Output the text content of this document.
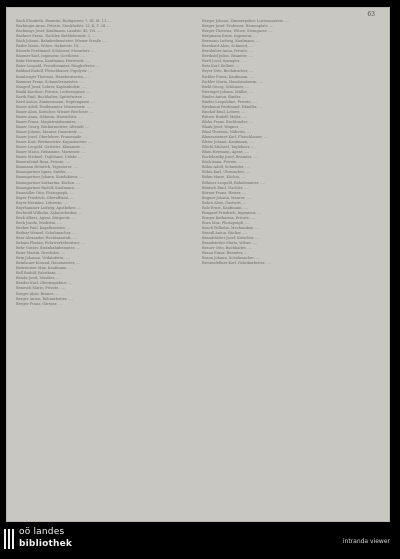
63
Bach Elisabeth, Beamtin, Rudigierstr. 7, III, St. 11 ....
Bachinger Anna, Private, Stockhofstr. 12, II, T. 34 ....
Bachmayr Josef, Kaufmann, Landstr. 45, Tel. ....
Bachner Franz, Tischler, Bethlehemstr. 3, ....
Bäck Johann, Bahnbediensteter, Wiener Straße ....
Bader Maria, Witwe, Hafnerstr. 18, ....
Bäuerle Ferdinand, Schlosser, Mozartstr. ....
Bäumer Karl, Ingenieur, Goethestr. ....
Bahr Hermann, Kaufmann, Herrenstr. ....
Baier Leopold, Privatbeamter, Dinghoferstr. ....
Baldauf Rudolf, Fleischhauer, Figulystr. ....
Bamberger Theresia, Hausbesitzerin, ....
Bammer Franz, Schneidermeister, ....
Bangerl Josef, Lehrer, Kaplanhofstr. ....
Bankl Karoline, Private, Lederergasse ....
Barth Emil, Buchhalter, Spittelwiese ....
Bartl Anton, Zimmermann, Hopfengasse ....
Bauer Adolf, Postbeamter, Museumstr. ....
Bauer Alois, Kutscher, Wiener Reichsstr. ....
Bauer Anna, Näherin, Harrachstr. ....
Bauer Franz, Magistratsbeamter, ....
Bauer Georg, Bäckermeister, Altstadt ....
Bauer Johann, Maurer, Dametzstr. ....
Bauer Josef, Oberlehrer, Promenade ....
Bauer Karl, Werkmeister, Kapuzinerstr. ....
Bauer Leopold, Gastwirt, Klammstr. ....
Bauer Maria, Hebamme, Marienstr. ....
Bauer Michael, Taglöhner, Urfahr ....
Bauernfeind Rosa, Private, ....
Baumann Heinrich, Tapezierer, ....
Baumgartner Ignaz, Sattler, ....
Baumgartner Johann, Kondukteur, ....
Baumgartner Katharina, Köchin, ....
Baumgartner Rudolf, Kaufmann, ....
Baumüller Otto, Photograph, ....
Bayer Friedrich, Oberoffizial, ....
Bayer Hermine, Lehrerin, ....
Bayrhammer Ludwig, Apotheker, ....
Bechtold Wilhelm, Zahntechniker, ....
Beck Albert, Agent, Bürgerstr. ....
Beck Josefa, Modistin, ....
Becker Paul, Kapellmeister, ....
Bednar Wenzel, Schuhmacher, ....
Beer Alexander, Rechtsanwalt, ....
Beham Florian, Fuhrwerksbesitzer, ....
Behr Gustav, Eisenbahnbeamter, ....
Beier Martin, Drechsler, ....
Bein Johanna, Verkäuferin, ....
Beinhauer Konrad, Hausmeister, ....
Beinsteiner Max, Kaufmann, ....
Bell Rudolf, Fabrikant, ....
Benda Josef, Musiker, ....
Bender Karl, Oberinspektor, ....
Benesch Marie, Private, ....
Berger Alois, Brauer, ....
Berger Anton, Bahnarbeiter, ....
Berger Franz, Gärtner, ....
Berger Johann, Zimmerpolier, Lustenauerstr. ....
Berger Josef, Professor, Hessenplatz ....
Berger Theresia, Witwe, Steingasse ....
Bergmann Ernst, Ingenieur, ....
Bermann Ludwig, Kaufmann, ....
Bernhard Alois, Schmied, ....
Bernhuber Anna, Private, ....
Berthold Julius, Beamter, ....
Bertl Josef, Spengler, ....
Betz Karl, Kellner, ....
Beyer Otto, Buchdrucker, ....
Bichler Franz, Kaufmann, ....
Bichler Maria, Hausbesitzerin, ....
Biebl Georg, Schlosser, ....
Bieringer Johann, Müller, ....
Binder Anton, Binder, ....
Binder Leopoldine, Private, ....
Birnbaum Ferdinand, Händler, ....
Bischof Emil, Lehrer, ....
Bittner Rudolf, Maler, ....
Blaha Franz, Buchbinder, ....
Blank Josef, Wagner, ....
Blasl Theresia, Näherin, ....
Blauensteiner Karl, Fleischhauer, ....
Bleier Johann, Kaufmann, ....
Blöchl Michael, Taglöhner, ....
Blum Hermann, Agent, ....
Bochdansky Josef, Beamter, ....
Böck Anna, Private, ....
Böhm Adolf, Schneider, ....
Böhm Karl, Uhrmacher, ....
Böhm Marie, Köchin, ....
Böhmer Leopold, Bahnbeamter, ....
Bönisch Emil, Tischler, ....
Börner Franz, Heizer, ....
Bogner Johann, Maurer, ....
Bohrn Alois, Gastwirt, ....
Bolz Ernst, Kaufmann, ....
Bongard Friedrich, Ingenieur, ....
Borger Katharina, Private, ....
Born Max, Photograph, ....
Bosch Wilhelm, Mechaniker, ....
Brandl Anton, Bäcker, ....
Brandstätter Josef, Kutscher, ....
Brandstetter Maria, Witwe, ....
Brauer Otto, Buchhalter, ....
Braun Franz, Beamter, ....
Braun Johann, Schuhmacher, ....
Breitenfellner Karl, Fabrikarbeiter, ....
oö landes
bibliothek	intranda viewer
